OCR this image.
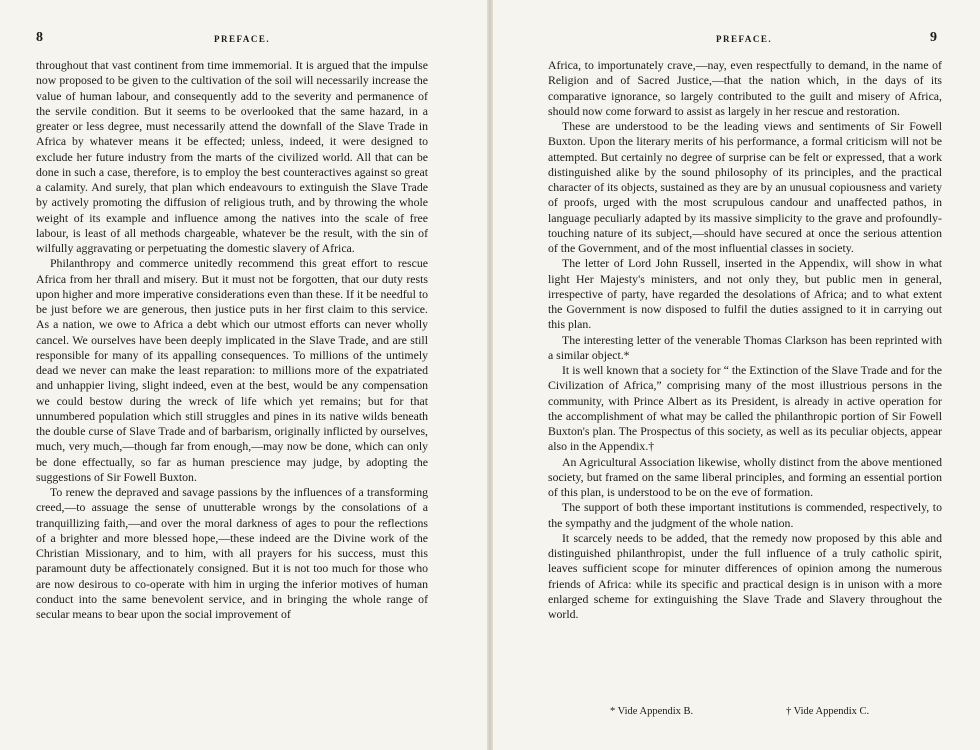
8	PREFACE.

throughout that vast continent from time immemorial. It is argued that the impulse now proposed to be given to the cultivation of the soil will necessarily increase the value of human labour, and consequently add to the severity and permanence of the servile condition. But it seems to be overlooked that the same hazard, in a greater or less degree, must necessarily attend the downfall of the Slave Trade in Africa by whatever means it be effected; unless, indeed, it were designed to exclude her future industry from the marts of the civilized world. All that can be done in such a case, therefore, is to employ the best counteractives against so great a calamity. And surely, that plan which endeavours to extinguish the Slave Trade by actively promoting the diffusion of religious truth, and by throwing the whole weight of its example and influence among the natives into the scale of free labour, is least of all methods chargeable, whatever be the result, with the sin of wilfully aggravating or perpetuating the domestic slavery of Africa.

Philanthropy and commerce unitedly recommend this great effort to rescue Africa from her thrall and misery. But it must not be forgotten, that our duty rests upon higher and more imperative considerations even than these. If it be needful to be just before we are generous, then justice puts in her first claim to this service. As a nation, we owe to Africa a debt which our utmost efforts can never wholly cancel. We ourselves have been deeply implicated in the Slave Trade, and are still responsible for many of its appalling consequences. To millions of the untimely dead we never can make the least reparation: to millions more of the expatriated and unhappier living, slight indeed, even at the best, would be any compensation we could bestow during the wreck of life which yet remains; but for that unnumbered population which still struggles and pines in its native wilds beneath the double curse of Slave Trade and of barbarism, originally inflicted by ourselves, much, very much,—though far from enough,—may now be done, which can only be done effectually, so far as human prescience may judge, by adopting the suggestions of Sir Fowell Buxton.

To renew the depraved and savage passions by the influences of a transforming creed,—to assuage the sense of unutterable wrongs by the consolations of a tranquillizing faith,—and over the moral darkness of ages to pour the reflections of a brighter and more blessed hope,—these indeed are the Divine work of the Christian Missionary, and to him, with all prayers for his success, must this paramount duty be affectionately consigned. But it is not too much for those who are now desirous to co-operate with him in urging the inferior motives of human conduct into the same benevolent service, and in bringing the whole range of secular means to bear upon the social improvement of

PREFACE.	9

Africa, to importunately crave,—nay, even respectfully to demand, in the name of Religion and of Sacred Justice,—that the nation which, in the days of its comparative ignorance, so largely contributed to the guilt and misery of Africa, should now come forward to assist as largely in her rescue and restoration.

These are understood to be the leading views and sentiments of Sir Fowell Buxton. Upon the literary merits of his performance, a formal criticism will not be attempted. But certainly no degree of surprise can be felt or expressed, that a work distinguished alike by the sound philosophy of its principles, and the practical character of its objects, sustained as they are by an unusual copiousness and variety of proofs, urged with the most scrupulous candour and unaffected pathos, in language peculiarly adapted by its massive simplicity to the grave and profoundly-touching nature of its subject,—should have secured at once the serious attention of the Government, and of the most influential classes in society.

The letter of Lord John Russell, inserted in the Appendix, will show in what light Her Majesty's ministers, and not only they, but public men in general, irrespective of party, have regarded the desolations of Africa; and to what extent the Government is now disposed to fulfil the duties assigned to it in carrying out this plan.

The interesting letter of the venerable Thomas Clarkson has been reprinted with a similar object.*

It is well known that a society for “ the Extinction of the Slave Trade and for the Civilization of Africa,” comprising many of the most illustrious persons in the community, with Prince Albert as its President, is already in active operation for the accomplishment of what may be called the philanthropic portion of Sir Fowell Buxton's plan. The Prospectus of this society, as well as its peculiar objects, appear also in the Appendix.†

An Agricultural Association likewise, wholly distinct from the above mentioned society, but framed on the same liberal principles, and forming an essential portion of this plan, is understood to be on the eve of formation.

The support of both these important institutions is commended, respectively, to the sympathy and the judgment of the whole nation.

It scarcely needs to be added, that the remedy now proposed by this able and distinguished philanthropist, under the full influence of a truly catholic spirit, leaves sufficient scope for minuter differences of opinion among the numerous friends of Africa: while its specific and practical design is in unison with a more enlarged scheme for extinguishing the Slave Trade and Slavery throughout the world.

* Vide Appendix B.	† Vide Appendix C.
